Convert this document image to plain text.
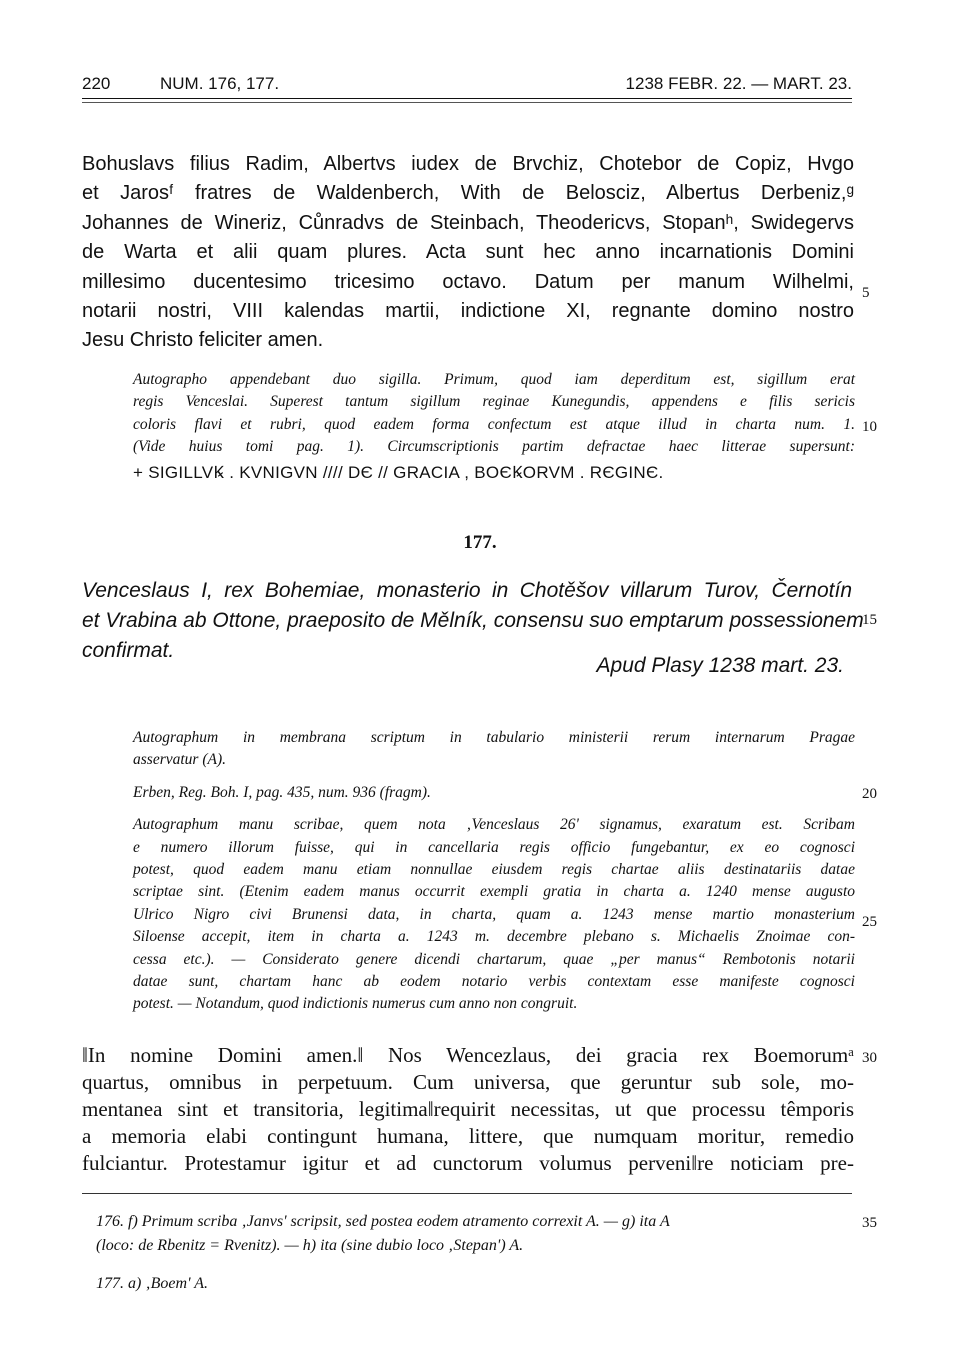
220	NUM. 176, 177.	1238 FEBR. 22. — MART. 23.
Bohuslavs filius Radim, Albertvs iudex de Brvchiz, Chotebor de Copiz, Hvgo
et Jarosᶠ fratres de Waldenberch, With de Belosciz, Albertus Derbeniz,ᵍ
Johannes de Wineriz, Cůnradvs de Steinbach, Theodericvs, Stopanʰ, Swidegervs
de Warta et alii quam plures. Acta sunt hec anno incarnationis Domini
millesimo ducentesimo tricesimo octavo. Datum per manum Wilhelmi,
notarii nostri, VIII kalendas martii, indictione XI, regnante domino nostro
Jesu Christo feliciter amen.
Autographo appendebant duo sigilla. Primum, quod iam deperditum est, sigillum erat
regis Venceslai. Superest tantum sigillum reginae Kunegundis, appendens e filis sericis
coloris flavi et rubri, quod eadem forma confectum est atque illud in charta num. 1.
(Vide huius tomi pag. 1). Circumscriptionis partim defractae haec litterae supersunt:
+ SIGILLVꝂ . KVNIGVN //// DЄ // GRACIA , BOЄꝂORVM . RЄGINЄ.
177.
Venceslaus I, rex Bohemiae, monasterio in Chotěšov villarum Turov, Černotín
et Vrabina ab Ottone, praeposito de Mělník, consensu suo emptarum possessionem
confirmat.
Apud Plasy 1238 mart. 23.
Autographum in membrana scriptum in tabulario ministerii rerum internarum Pragae
asservatur (A).
Erben, Reg. Boh. I, pag. 435, num. 936 (fragm).
Autographum manu scribae, quem nota ‚Venceslaus 26' signamus, exaratum est. Scribam
e numero illorum fuisse, qui in cancellaria regis officio fungebantur, ex eo cognosci
potest, quod eadem manu etiam nonnullae eiusdem regis chartae aliis destinatariis datae
scriptae sint. (Etenim eadem manus occurrit exempli gratia in charta a. 1240 mense augusto
Ulrico Nigro civi Brunensi data, in charta, quam a. 1243 mense martio monasterium
Siloense accepit, item in charta a. 1243 m. decembre plebano s. Michaelis Znoimae con-
cessa etc.). — Considerato genere dicendi chartarum, quae „per manus“ Rembotonis notarii
datae sunt, chartam hanc ab eodem notario verbis contextam esse manifeste cognosci
potest. — Notandum, quod indictionis numerus cum anno non congruit.
‖In nomine Domini amen.‖ Nos Wencezlaus, dei gracia rex Boemorumᵃ
quartus, omnibus in perpetuum. Cum universa, que geruntur sub sole, mo-
mentanea sint et transitoria, legitima‖requirit necessitas, ut que processu têmporis
a memoria elabi contingunt humana, littere, que numquam moritur, remedio
fulciantur. Protestamur igitur et ad cunctorum volumus perveni‖re noticiam pre-
176. f) Primum scriba ‚Janvs' scripsit, sed postea eodem atramento correxit A. — g) ita A
(loco: de Rbenitz = Rvenitz). — h) ita (sine dubio loco ‚Stepan') A.
177. a) ‚Boem' A.
5
10
15
20
25
30
35
